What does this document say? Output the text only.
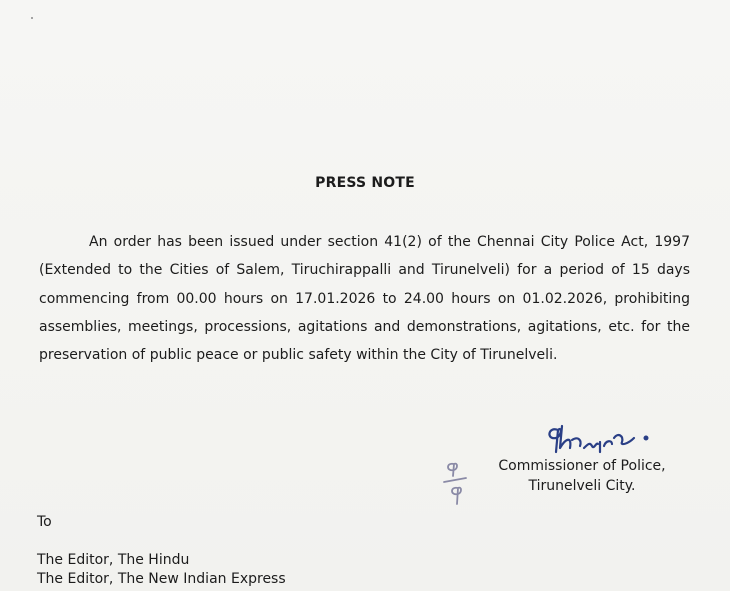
PRESS NOTE

An order has been issued under section 41(2) of the Chennai City Police Act, 1997 (Extended to the Cities of Salem, Tiruchirappalli and Tirunelveli) for a period of 15 days commencing from 00.00 hours on 17.01.2026 to 24.00 hours on 01.02.2026, prohibiting assemblies, meetings, processions, agitations and demonstrations, agitations, etc. for the preservation of public peace or public safety within the City of Tirunelveli.

Commissioner of Police,
Tirunelveli City.
To
The Editor, The Hindu
The Editor, The New Indian Express
